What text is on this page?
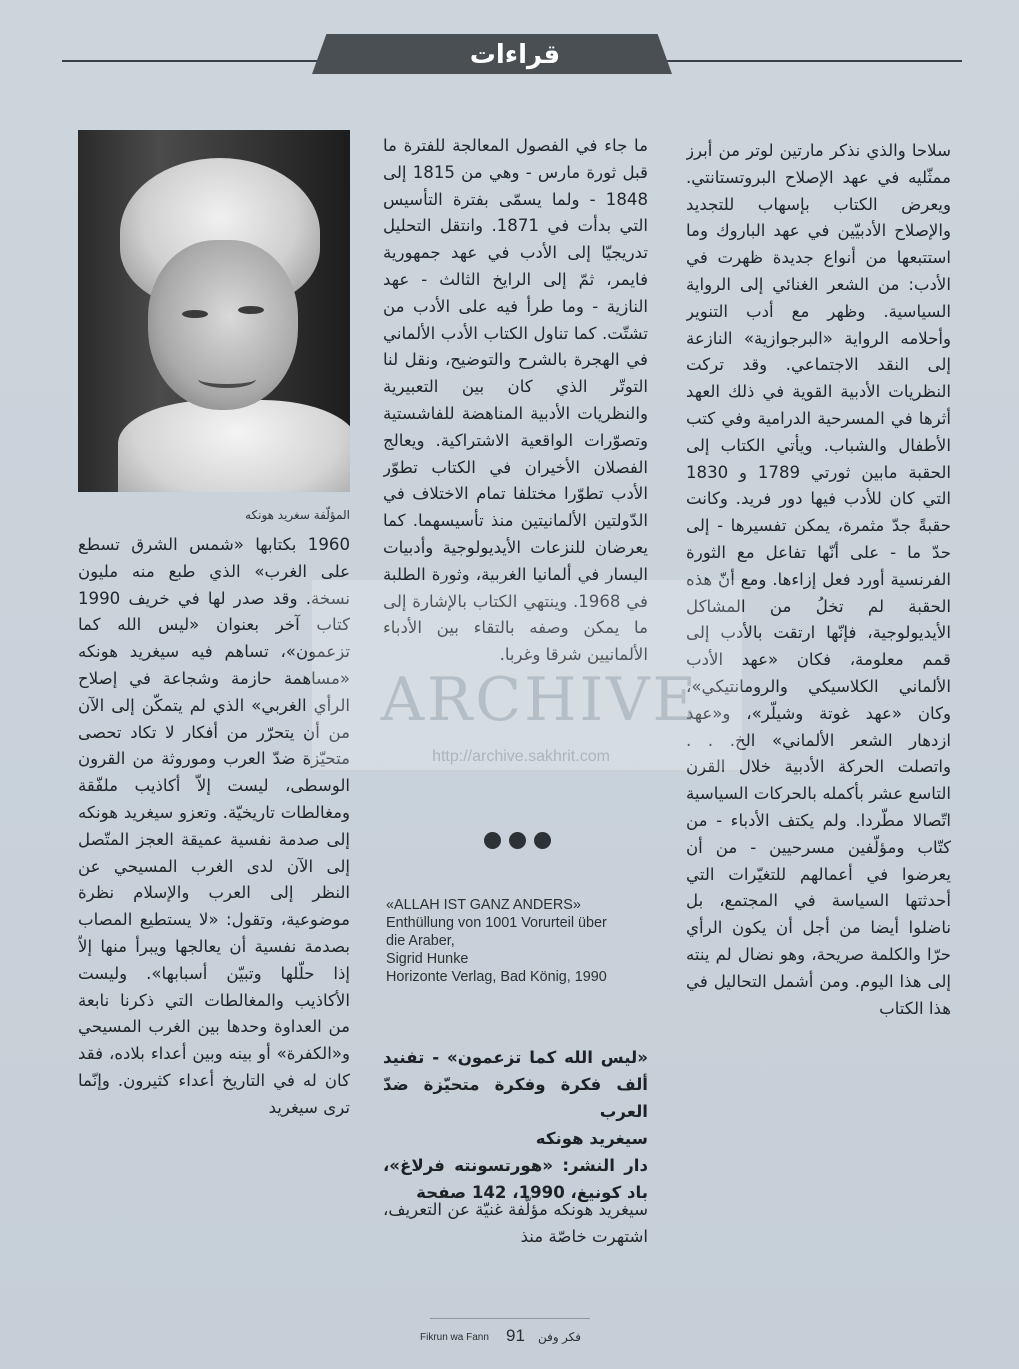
قراءات

سلاحا والذي نذكر مارتين لوتر من أبرز ممثّليه في عهد الإصلاح البروتستانتي. ويعرض الكتاب بإسهاب للتجديد والإصلاح الأدبيّين في عهد الباروك وما استتبعها من أنواع جديدة ظهرت في الأدب: من الشعر الغنائي إلى الرواية السياسية. وظهر مع أدب التنوير وأحلامه الرواية «البرجوازية» النازعة إلى النقد الاجتماعي. وقد تركت النظريات الأدبية القوية في ذلك العهد أثرها في المسرحية الدرامية وفي كتب الأطفال والشباب. ويأتي الكتاب إلى الحقبة مابين ثورتي 1789 و 1830 التي كان للأدب فيها دور فريد. وكانت حقبةً جدّ مثمرة، يمكن تفسيرها - إلى حدّ ما - على أنّها تفاعل مع الثورة الفرنسية أورد فعل إزاءها. ومع أنّ هذه الحقبة لم تخلُ من المشاكل الأيديولوجية، فإنّها ارتقت بالأدب إلى قمم معلومة، فكان «عهد الأدب الألماني الكلاسيكي والرومانتيكي»، وكان «عهد غوتة وشيلّر»، و«عهد ازدهار الشعر الألماني» الخ. . . واتصلت الحركة الأدبية خلال القرن التاسع عشر بأكمله بالحركات السياسية اتّصالا مطّردا. ولم يكتف الأدباء - من كتّاب ومؤلّفين مسرحيين - من أن يعرضوا في أعمالهم للتغيّرات التي أحدثتها السياسة في المجتمع، بل ناضلوا أيضا من أجل أن يكون الرأي حرّا والكلمة صريحة، وهو نضال لم ينته إلى هذا اليوم. ومن أشمل التحاليل في هذا الكتاب

ما جاء في الفصول المعالجة للفترة ما قبل ثورة مارس - وهي من 1815 إلى 1848 - ولما يسمّى بفترة التأسيس التي بدأت في 1871. وانتقل التحليل تدريجيّا إلى الأدب في عهد جمهورية فايمر، ثمّ إلى الرايخ الثالث - عهد النازية - وما طرأ فيه على الأدب من تشتّت. كما تناول الكتاب الأدب الألماني في الهجرة بالشرح والتوضيح، ونقل لنا التوتّر الذي كان بين التعبيرية والنظريات الأدبية المناهضة للفاشستية وتصوّرات الواقعية الاشتراكية. ويعالج الفصلان الأخيران في الكتاب تطوّر الأدب تطوّرا مختلفا تمام الاختلاف في الدّولتين الألمانيتين منذ تأسيسهما. كما يعرضان للنزعات الأيديولوجية وأدبيات اليسار في ألمانيا الغربية، وثورة الطلبة في 1968. وينتهي الكتاب بالإشارة إلى ما يمكن وصفه بالتقاء بين الأدباء الألمانيين شرقا وغربا.

المؤلّفة سغريد هونكه

1960 بكتابها «شمس الشرق تسطع على الغرب» الذي طبع منه مليون نسخة. وقد صدر لها في خريف 1990 كتاب آخر بعنوان «ليس الله كما تزعمون»، تساهم فيه سيغريد هونكه «مساهمة حازمة وشجاعة في إصلاح الرأي الغربي» الذي لم يتمكّن إلى الآن من أن يتحرّر من أفكار لا تكاد تحصى متحيّزة ضدّ العرب وموروثة من القرون الوسطى، ليست إلاّ أكاذيب ملفّقة ومغالطات تاريخيّة. وتعزو سيغريد هونكه إلى صدمة نفسية عميقة العجز المتّصل إلى الآن لدى الغرب المسيحي عن النظر إلى العرب والإسلام نظرة موضوعية، وتقول: «لا يستطيع المصاب بصدمة نفسية أن يعالجها ويبرأ منها إلاّ إذا حلّلها وتبيّن أسبابها». وليست الأكاذيب والمغالطات التي ذكرنا نابعة من العداوة وحدها بين الغرب المسيحي و«الكفرة» أو بينه وبين أعداء بلاده، فقد كان له في التاريخ أعداء كثيرون. وإنّما ترى سيغريد

ARCHIVE
http://archive.sakhrit.com
«ALLAH IST GANZ ANDERS»
Enthüllung von 1001 Vorurteil über
die Araber,
Sigrid Hunke
Horizonte Verlag, Bad König, 1990

«ليس الله كما تزعمون» - تفنيد ألف فكرة وفكرة متحيّزة ضدّ العرب

سيغريد هونكه

دار النشر: «هورتسونته فرلاغ»، باد كونيغ، 1990، 142 صفحة

سيغريد هونكه مؤلّفة غنيّة عن التعريف، اشتهرت خاصّة منذ
Fikrun wa Fann 91 فكر وفن
